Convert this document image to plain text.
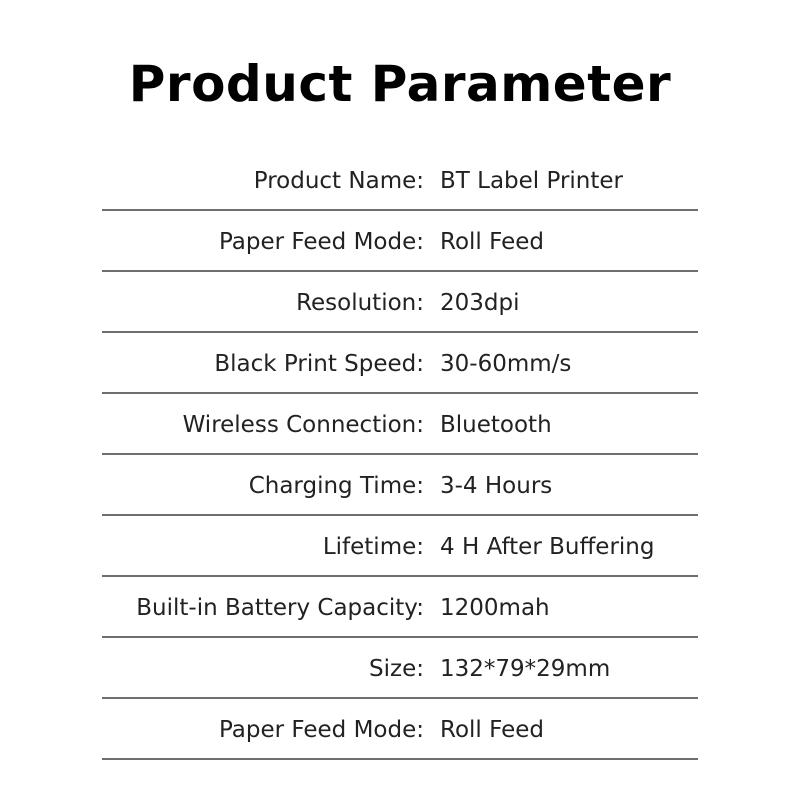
Product Parameter
Product Name: BT Label Printer
Paper Feed Mode: Roll Feed
Resolution: 203dpi
Black Print Speed: 30-60mm/s
Wireless Connection: Bluetooth
Charging Time: 3-4 Hours
Lifetime: 4 H After Buffering
Built-in Battery Capacity: 1200mah
Size: 132*79*29mm
Paper Feed Mode: Roll Feed
